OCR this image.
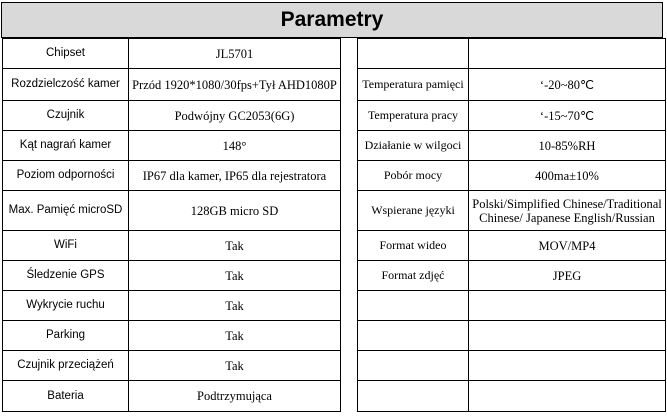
Parametry
Chipset	JL5701
Rozdzielczość kamer	Przód 1920*1080/30fps+Tył AHD1080P
Czujnik	Podwójny GC2053(6G)
Kąt nagrań kamer	148°
Poziom odporności	IP67 dla kamer, IP65 dla rejestratora
Max. Pamięć microSD	128GB micro SD
WiFi	Tak
Śledzenie GPS	Tak
Wykrycie ruchu	Tak
Parking	Tak
Czujnik przeciążeń	Tak
Bateria	Podtrzymująca

Temperatura pamięci	‘-20~80℃
Temperatura pracy	‘-15~70℃
Działanie w wilgoci	10-85%RH
Pobór mocy	400ma±10%
Wspierane języki	Polski/Simplified Chinese/Traditional Chinese/ Japanese English/Russian
Format wideo	MOV/MP4
Format zdjęć	JPEG
